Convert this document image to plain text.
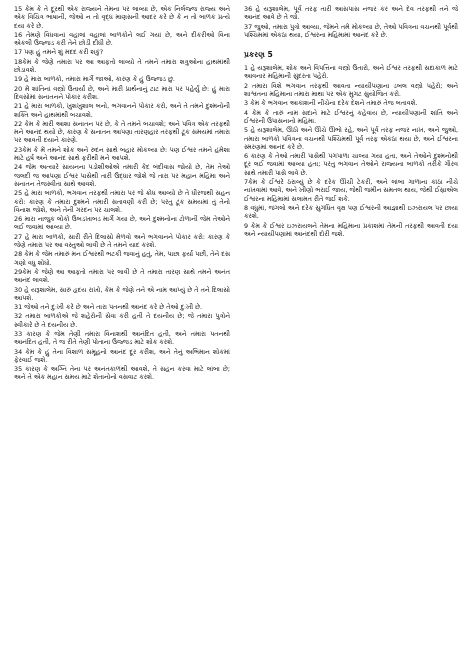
15 કેમ કે તે દૂરથી એક રાજ્યને તેમના પર લાવ્યા છે, એક નિર્લજ્જ રાજ્ય અને એક વિચિત્ર ભાષાની, જેઓ ન તો વૃદ્ધ માણસની આદર કરે છે કે ન તો બાળક પ્રત્યે દયા કરે છે.

16 તેમણે વિધવાનાં વહાલાં વહાલાં બાળકોને લઈ ગયાં છે, અને દીકરીઓ વિના એકલી ઉજ્જડ કરી તેને છોડી દીધી છે.

17 પણ હું તમને શું મદદ કરી શકું?

18કેમ કે જેણે તમારા પર આ આફતો લાવ્યો તે તમને તમારા શત્રુઓના હાથમાંથી છોડાવશે.

19 હે મારા બાળકો, તમારા માર્ગે જાઓ, કારણ કે હું ઉજ્જડ છું.

20 મેં શાંતિનાં વસ્ત્રો ઉતાર્યાં છે, અને મારી પ્રાર્થનાનું ટાટ મારા પર પહેર્યું છે: હું મારા દિવસોમાં સનાતનને પોકાર કરીશ.

21 હે મારા બાળકો, ખુશખુશાલ બનો, ભગવાનને પોકાર કરો, અને તે તમને દુશ્મનોની શક્તિ અને હાથમાંથી બચાવશે.

22 કેમ કે મારી આશા સનાતન પર છે, કે તે તમને બચાવશે; અને પવિત્ર એક તરફથી મને આનંદ થયો છે, કારણ કે સનાતન આપણા તારણહાર તરફથી ટૂંક સમયમાં તમારા પર આવતી દયાને કારણે.

23કેમ કે મેં તમને શોક અને રુદન સાથે બહાર મોકલ્યા છે: પણ ઈશ્વર તમને હંમેશા માટે હર્ષ અને આનંદ સાથે ફરીથી મને આપશે.

24 જેમ અત્યારે સાયનના પડોશીઓએ તમારી કેદ બંદીવાસ જોયો છે, તેમ તેઓ જલદી જ આપણા ઈશ્વર પાસેથી તારી ઉદ્ધાર જોશે જે તારા પર મહાન મહિમા અને સનાતન તેજસ્વીતા સાથે આવશે.

25 હે મારા બાળકો, ભગવાન તરફથી તમારા પર જે ક્રોધ આવ્યો છે તે ધીરજથી સહન કરો: કારણ કે તમારા દુશ્મને તમારી સતાવણી કરી છે; પરંતુ ટૂંક સમયમાં તું તેનો વિનાશ જોશે, અને તેની ગરદન પર ચાલશે.

26 મારા નાજુક લોકો ઉબડખાબડ માર્ગે ગયા છે, અને દુશ્મનોના ટોળાની જેમ તેઓને લઈ જવામાં આવ્યા છે.

27 હે મારા બાળકો, સારી રીતે દિલાસો મેળવો અને ભગવાનને પોકાર કરો: કારણ કે જેણે તમારા પર આ વસ્તુઓ લાવી છે તે તમને યાદ કરશે.

28 કેમ કે જેમ તમારું મન ઈશ્વરથી ભટકી જવાનું હતું, તેમ, પાછા ફર્યા પછી, તેને દસ ગણો વધુ શોધો.

29કેમ કે જેણે આ આફતો તમારા પર લાવી છે તે તમારા તારણ સાથે તમને અનંત આનંદ લાવશે.

30 હે યરૂશાલેમ, સારું હૃદય રાખો, કેમ કે જેણે તને એ નામ આપ્યું છે તે તને દિલાસો આપશે.

31 જેઓ તને દુઃખી કરે છે અને તારા પતનથી આનંદ કરે છે તેઓ દુઃખી છે.

32 તમારા બાળકોએ જે શહેરોની સેવા કરી હતી તે દયનીય છે; જે તમારા પુત્રોને સ્વીકારે છે તે દયનીય છે.

33 કારણ કે જેમ તેણી તમારા વિનાશથી આનંદિત હતી, અને તમારા પતનથી આનંદિત હતી, તે જ રીતે તેણી પોતાના ઉજ્જડ માટે શોક કરશે.

34 કેમ કે હું તેના વિશાળ સમૂહનો આનંદ દૂર કરીશ, અને તેનું અભિમાન શોકમાં ફેરવાઈ જશે.

35 કારણ કે અગ્નિ તેના પર અનંતકાળથી આવશે, તે સહન કરવા માટે લાંબા છે; અને તે એક મહાન સમય માટે શેતાનોનો વસવાટ કરશે.

36 હે યરૂશાલેમ, પૂર્વ તરફ તારી આસપાસ નજર કર અને દેવ તરફથી તને જે આનંદ આવે છે તે જો.

37 જુઓ, તમારા પુત્રો આવ્યા, જેમને તમે મોકલ્યા છે, તેઓ પવિત્રના વચનથી પૂર્વથી પશ્ચિમમાં એકઠા થયા, ઈશ્વરના મહિમામાં આનંદ કરે છે.

પ્રકરણ 5

1 હે યરૂશાલેમ, શોક અને વિપત્તિના વસ્ત્રો ઉતારો, અને ઈશ્વર તરફથી સદાકાળ માટે આવનાર મહિમાની સુંદરતા પહેરો.

2 તમારા વિશે ભગવાન તરફથી આવતા ન્યાયીપણાના ડબલ વસ્ત્રો પહેરો; અને શાશ્વતના મહિમાના તમારા માથા પર એક મુગટ સુયોજિત કરો.

3 કેમ કે ભગવાન આકાશની નીચેના દરેક દેશને તમારું તેજ બતાવશે.

4 કેમ કે તારું નામ સદાને માટે ઈશ્વરનું કહેવાય છે, ન્યાયીપણાની શાંતિ અને ઈશ્વરની ઉપાસનાનો મહિમા.

5 હે યરૂશાલેમ, ઊઠો અને ઊંચે ઊભો રહે, અને પૂર્વ તરફ નજર નાખ, અને જુઓ, તમારા બાળકો પવિત્રના વચનથી પશ્ચિમથી પૂર્વ તરફ એકઠા થયા છે, અને ઈશ્વરના સ્મરણમાં આનંદ કરે છે.

6 કારણ કે તેઓ તમારી પાસેથી પગપાળા ચાલ્યા ગયા હતા, અને તેઓને દુશ્મનોથી દૂર લઈ જવામાં આવ્યા હતા; પરંતુ ભગવાન તેઓને રાજ્યના બાળકો તરીકે ગૌરવ સાથે તમારી પાસે લાવે છે.

7કેમ કે ઈશ્વરે ઠરાવ્યું છે કે દરેક ઊંચી ટેકરી, અને લાંબા ગાળાના કાંઠા નીચે નાખવામાં આવે, અને ખીણો ભરાઈ જાય, જેથી જમીન સમતલ થાય, જેથી ઈસ્રાએલ ઈશ્વરના મહિમામાં સલામત રીતે જઈ શકે.

8 વધુમાં, જંગલો અને દરેક સુગંધિત વૃક્ષ પણ ઈશ્વરની આજ્ઞાથી ઇઝરાયલ પર છાયા કરશે.

9 કેમ કે ઈશ્વર ઇઝરાયલને તેમના મહિમાના પ્રકાશમાં તેમની તરફથી આવતી દયા અને ન્યાયીપણામાં આનંદથી દોરી જશે.
